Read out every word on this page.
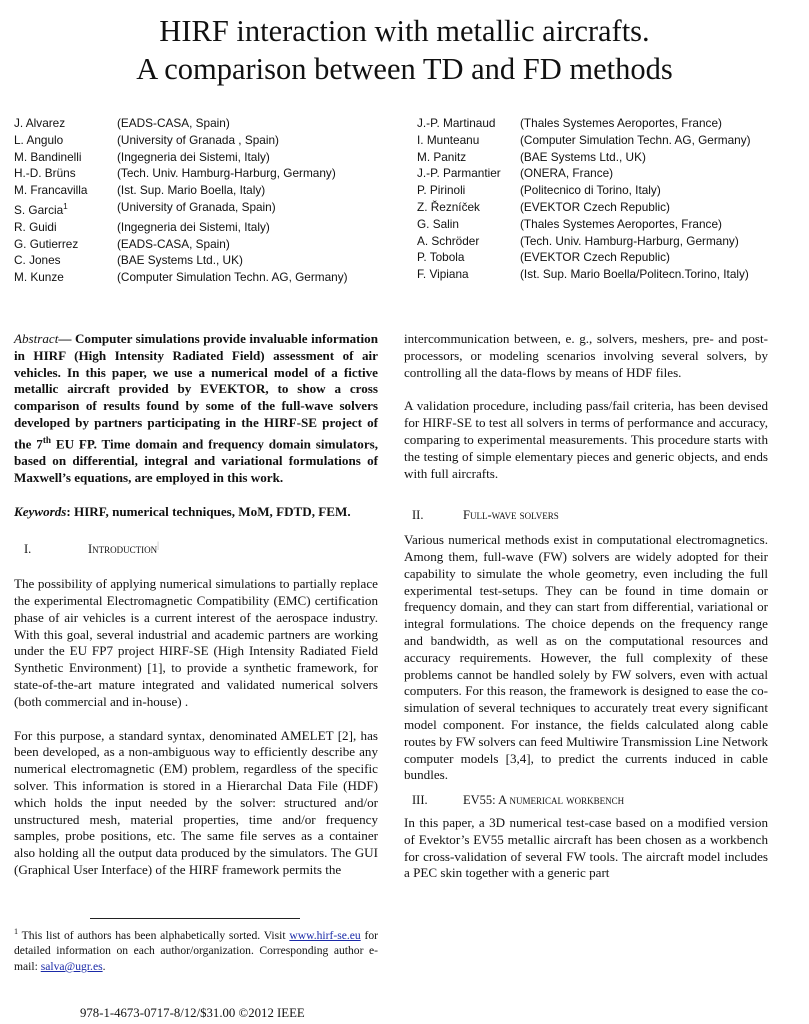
HIRF interaction with metallic aircrafts.
A comparison between TD and FD methods
J. Alvarez	(EADS-CASA, Spain)
L. Angulo	(University of Granada , Spain)
M. Bandinelli	(Ingegneria dei Sistemi, Italy)
H.-D. Brüns	(Tech. Univ. Hamburg-Harburg, Germany)
M. Francavilla	(Ist. Sup. Mario Boella, Italy)
S. Garcia$^1$	(University of Granada, Spain)
R. Guidi	(Ingegneria dei Sistemi, Italy)
G. Gutierrez	(EADS-CASA, Spain)
C. Jones	(BAE Systems Ltd., UK)
M. Kunze	(Computer Simulation Techn. AG, Germany)
J.-P. Martinaud	(Thales Systemes Aeroportes, France)
I. Munteanu	(Computer Simulation Techn. AG, Germany)
M. Panitz	(BAE Systems Ltd., UK)
J.-P. Parmantier	(ONERA, France)
P. Pirinoli	(Politecnico di Torino, Italy)
Z. Řezníček	(EVEKTOR Czech Republic)
G. Salin	(Thales Systemes Aeroportes, France)
A. Schröder	(Tech. Univ. Hamburg-Harburg, Germany)
P. Tobola	(EVEKTOR Czech Republic)
F. Vipiana	(Ist. Sup. Mario Boella/Politecn.Torino, Italy)

Abstract— Computer simulations provide invaluable information in HIRF (High Intensity Radiated Field) assessment of air vehicles. In this paper, we use a numerical model of a fictive metallic aircraft provided by EVEKTOR, to show a cross comparison of results found by some of the full-wave solvers developed by partners participating in the HIRF-SE project of the 7th EU FP. Time domain and frequency domain simulators, based on differential, integral and variational formulations of Maxwell’s equations, are employed in this work.

Keywords: HIRF, numerical techniques, MoM, FDTD, FEM.

I.	Introduction|

The possibility of applying numerical simulations to partially replace the experimental Electromagnetic Compatibility (EMC) certification phase of air vehicles is a current interest of the aerospace industry. With this goal, several industrial and academic partners are working under the EU FP7 project HIRF-SE (High Intensity Radiated Field Synthetic Environment) [1], to provide a synthetic framework, for state-of-the-art mature integrated and validated numerical solvers (both commercial and in-house) .

For this purpose, a standard syntax, denominated AMELET [2], has been developed, as a non-ambiguous way to efficiently describe any numerical electromagnetic (EM) problem, regardless of the specific solver. This information is stored in a Hierarchal Data File (HDF) which holds the input needed by the solver: structured and/or unstructured mesh, material properties, time and/or frequency samples, probe positions, etc. The same file serves as a container also holding all the output data produced by the simulators. The GUI (Graphical User Interface) of the HIRF framework permits the

intercommunication between, e. g., solvers, meshers, pre- and post-processors, or modeling scenarios involving several solvers, by controlling all the data-flows by means of HDF files.

A validation procedure, including pass/fail criteria, has been devised for HIRF-SE to test all solvers in terms of performance and accuracy, comparing to experimental measurements. This procedure starts with the testing of simple elementary pieces and generic objects, and ends with full aircrafts.

II.	Full-wave solvers

Various numerical methods exist in computational electromagnetics. Among them, full-wave (FW) solvers are widely adopted for their capability to simulate the whole geometry, even including the full experimental test-setups. They can be found in time domain or frequency domain, and they can start from differential, variational or integral formulations. The choice depends on the frequency range and bandwidth, as well as on the computational resources and accuracy requirements. However, the full complexity of these problems cannot be handled solely by FW solvers, even with actual computers. For this reason, the framework is designed to ease the co-simulation of several techniques to accurately treat every significant model component. For instance, the fields calculated along cable routes by FW solvers can feed Multiwire Transmission Line Network computer models [3,4], to predict the currents induced in cable bundles.

III.	EV55: A numerical workbench

In this paper, a 3D numerical test-case based on a modified version of Evektor’s EV55 metallic aircraft has been chosen as a workbench for cross-validation of several FW tools. The aircraft model includes a PEC skin together with a generic part

$^1$ This list of authors has been alphabetically sorted. Visit www.hirf-se.eu for detailed information on each author/organization. Corresponding author e-mail: salva@ugr.es.
978-1-4673-0717-8/12/$31.00 ©2012 IEEE
